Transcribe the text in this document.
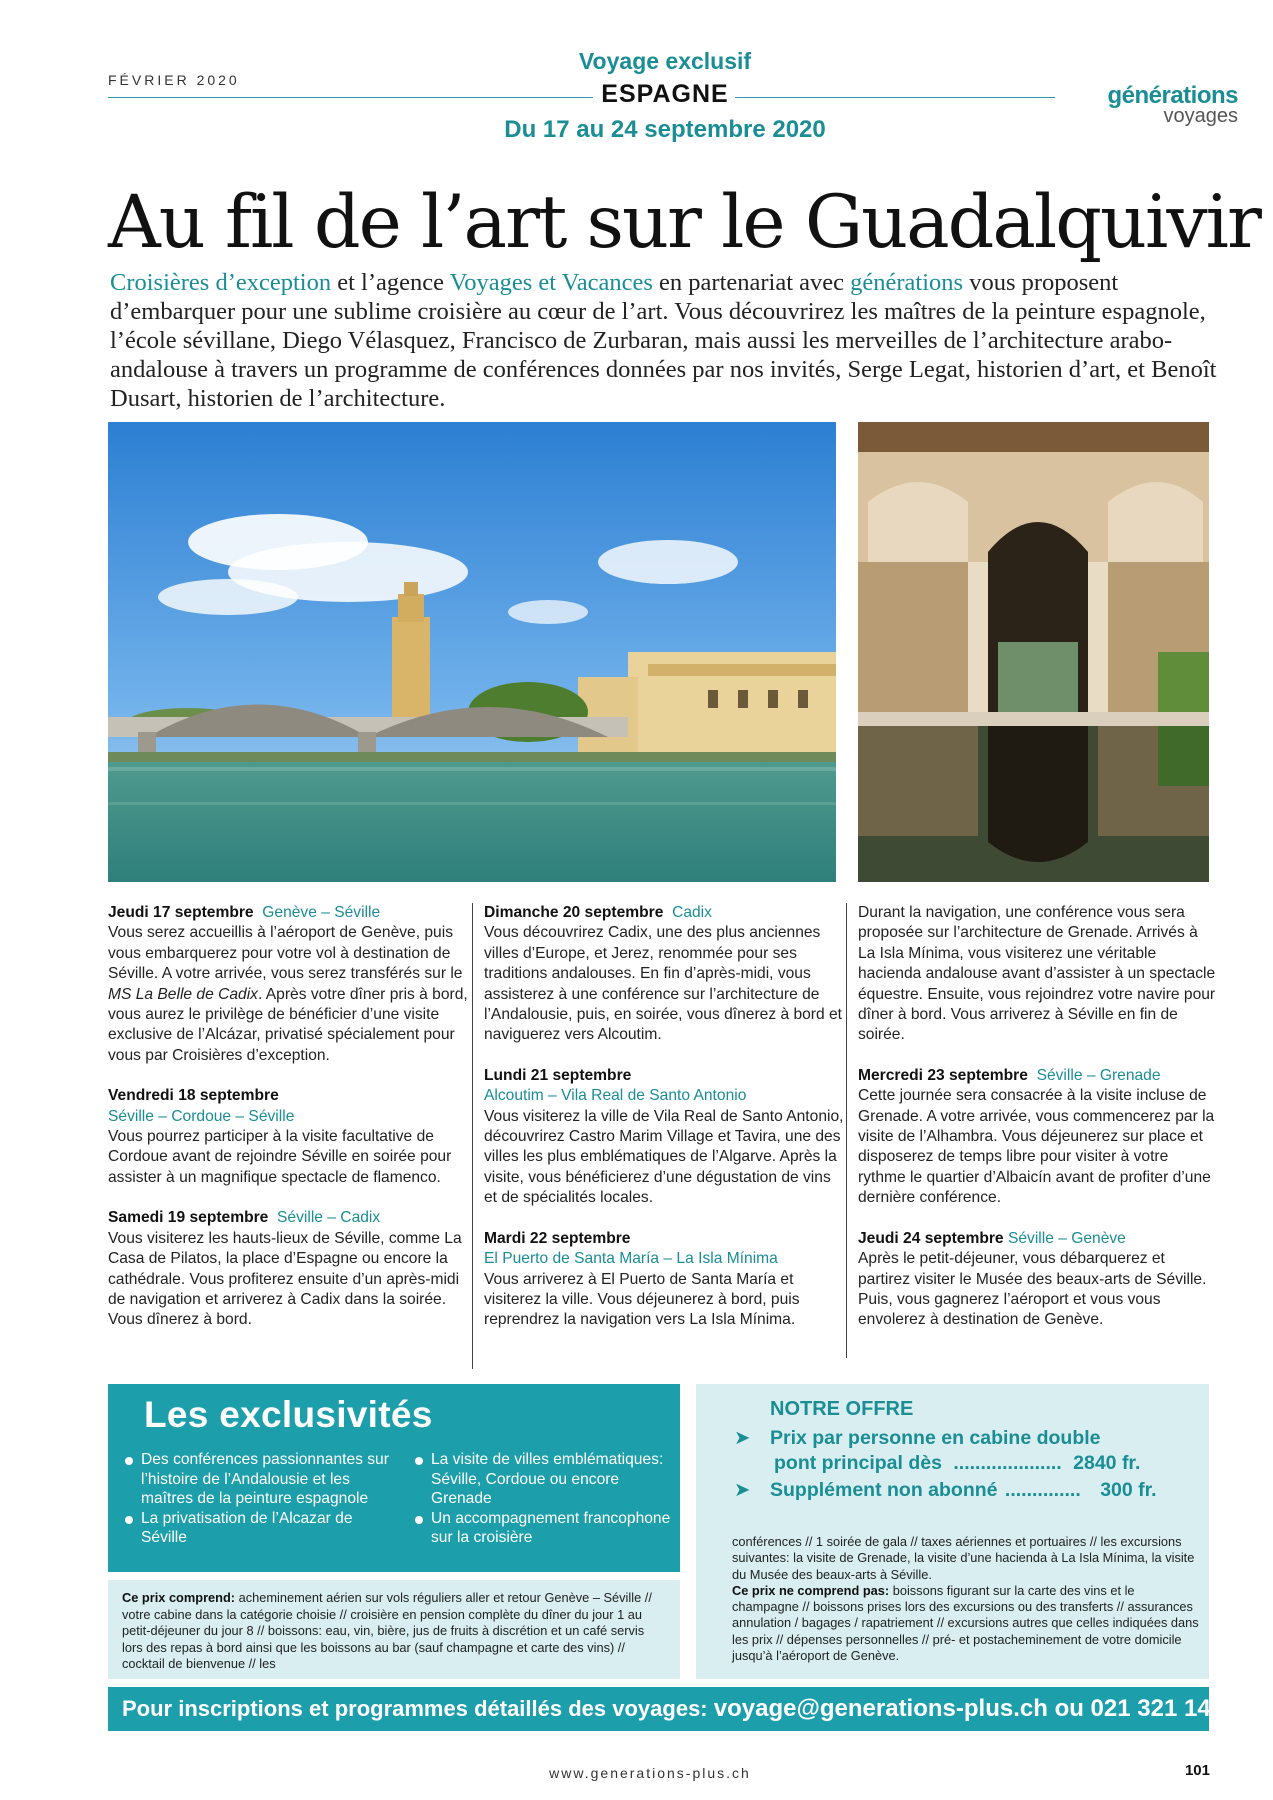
FÉVRIER 2020
Voyage exclusif
ESPAGNE
Du 17 au 24 septembre 2020
générations
voyages
Au fil de l’art sur le Guadalquivir

Croisières d’exception et l’agence Voyages et Vacances en partenariat avec générations vous proposent d’embarquer pour une sublime croisière au cœur de l’art. Vous découvrirez les maîtres de la peinture espagnole, l’école sévillane, Diego Vélasquez, Francisco de Zurbaran, mais aussi les merveilles de l’architecture arabo-andalouse à travers un programme de conférences données par nos invités, Serge Legat, historien d’art, et Benoît Dusart, historien de l’architecture.

Jeudi 17 septembre Genève – Séville

Vous serez accueillis à l’aéroport de Genève, puis vous embarquerez pour votre vol à destination de Séville. A votre arrivée, vous serez transférés sur le MS La Belle de Cadix. Après votre dîner pris à bord, vous aurez le privilège de bénéficier d’une visite exclusive de l’Alcázar, privatisé spécialement pour vous par Croisières d’exception.

Vendredi 18 septembre

Séville – Cordoue – Séville

Vous pourrez participer à la visite facultative de Cordoue avant de rejoindre Séville en soirée pour assister à un magnifique spectacle de flamenco.

Samedi 19 septembre Séville – Cadix

Vous visiterez les hauts-lieux de Séville, comme La Casa de Pilatos, la place d’Espagne ou encore la cathédrale. Vous profiterez ensuite d’un après-midi de navigation et arriverez à Cadix dans la soirée. Vous dînerez à bord.

Dimanche 20 septembre Cadix

Vous découvrirez Cadix, une des plus anciennes villes d’Europe, et Jerez, renommée pour ses traditions andalouses. En fin d’après-midi, vous assisterez à une conférence sur l’architecture de l’Andalousie, puis, en soirée, vous dînerez à bord et naviguerez vers Alcoutim.

Lundi 21 septembre

Alcoutim – Vila Real de Santo Antonio

Vous visiterez la ville de Vila Real de Santo Antonio, découvrirez Castro Marim Village et Tavira, une des villes les plus emblématiques de l’Algarve. Après la visite, vous bénéficierez d’une dégustation de vins et de spécialités locales.

Mardi 22 septembre

El Puerto de Santa María – La Isla Mínima

Vous arriverez à El Puerto de Santa María et visiterez la ville. Vous déjeunerez à bord, puis reprendrez la navigation vers La Isla Mínima.

Durant la navigation, une conférence vous sera proposée sur l’architecture de Grenade. Arrivés à La Isla Mínima, vous visiterez une véritable hacienda andalouse avant d’assister à un spectacle équestre. Ensuite, vous rejoindrez votre navire pour dîner à bord. Vous arriverez à Séville en fin de soirée.

Mercredi 23 septembre Séville – Grenade

Cette journée sera consacrée à la visite incluse de Grenade. A votre arrivée, vous commencerez par la visite de l’Alhambra. Vous déjeunerez sur place et disposerez de temps libre pour visiter à votre rythme le quartier d’Albaicín avant de profiter d’une dernière conférence.

Jeudi 24 septembre Séville – Genève

Après le petit-déjeuner, vous débarquerez et partirez visiter le Musée des beaux-arts de Séville. Puis, vous gagnerez l’aéroport et vous vous envolerez à destination de Genève.

Les exclusivités
Des conférences passionnantes sur l’histoire de l’Andalousie et les maîtres de la peinture espagnole
La privatisation de l’Alcazar de Séville
La visite de villes emblématiques: Séville, Cordoue ou encore Grenade
Un accompagnement francophone sur la croisière
NOTRE OFFRE
➤ Prix par personne en cabine double
pont principal dès .................... 2840 fr.
➤ Supplément non abonné .............. 300 fr.
Ce prix comprend: acheminement aérien sur vols réguliers aller et retour Genève – Séville // votre cabine dans la catégorie choisie // croisière en pension complète du dîner du jour 1 au petit-déjeuner du jour 8 // boissons: eau, vin, bière, jus de fruits à discrétion et un café servis lors des repas à bord ainsi que les boissons au bar (sauf champagne et carte des vins) // cocktail de bienvenue // les
conférences // 1 soirée de gala // taxes aériennes et portuaires // les excursions suivantes: la visite de Grenade, la visite d’une hacienda à La Isla Mínima, la visite du Musée des beaux-arts à Séville.
Ce prix ne comprend pas: boissons figurant sur la carte des vins et le champagne // boissons prises lors des excursions ou des transferts // assurances annulation / bagages / rapatriement // excursions autres que celles indiquées dans les prix // dépenses personnelles // pré- et postacheminement de votre domicile jusqu’à l’aéroport de Genève.
Pour inscriptions et programmes détaillés des voyages: voyage@generations-plus.ch ou 021 321 14 21
www.generations-plus.ch	101
